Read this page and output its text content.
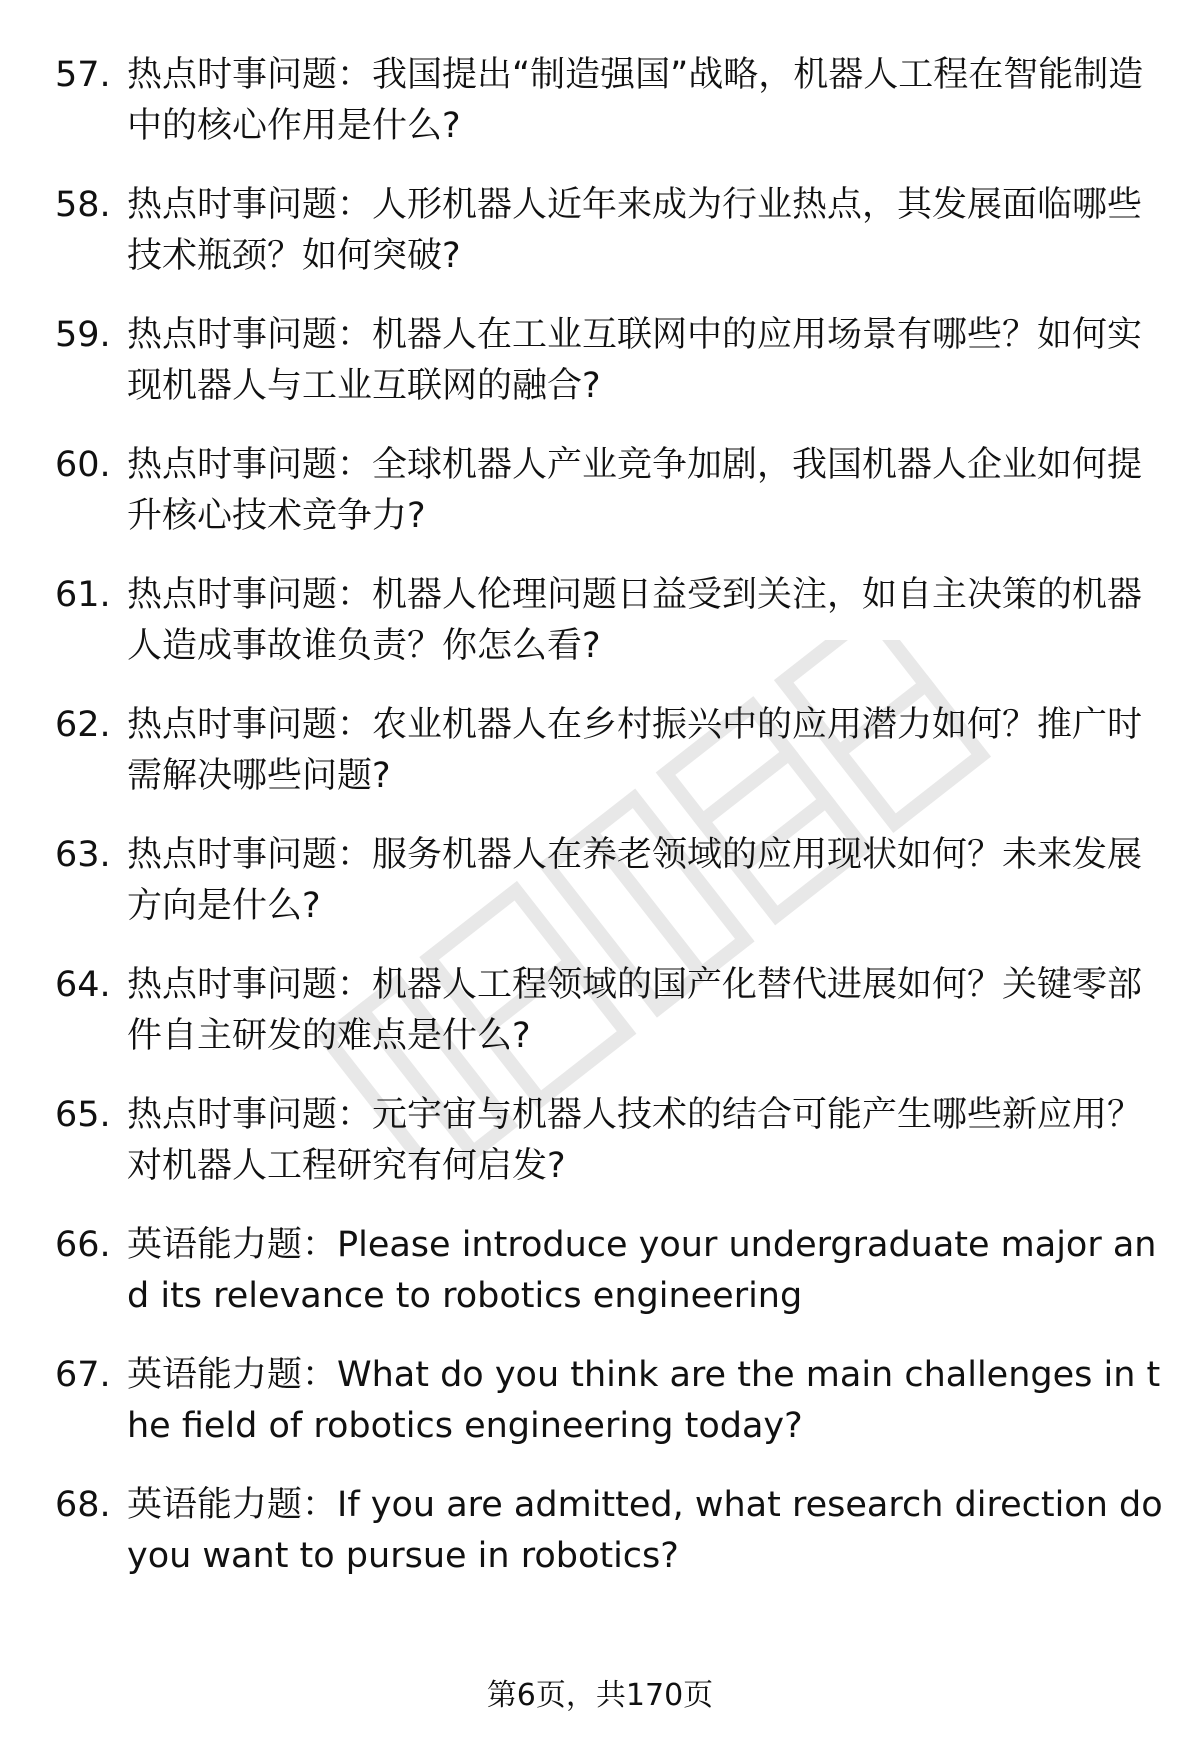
57. 热点时事问题：我国提出“制造强国”战略，机器人工程在智能制造中的核心作用是什么?
58. 热点时事问题：人形机器人近年来成为行业热点，其发展面临哪些技术瓶颈？如何突破?
59. 热点时事问题：机器人在工业互联网中的应用场景有哪些？如何实现机器人与工业互联网的融合?
60. 热点时事问题：全球机器人产业竞争加剧，我国机器人企业如何提升核心技术竞争力?
61. 热点时事问题：机器人伦理问题日益受到关注，如自主决策的机器人造成事故谁负责？你怎么看?
62. 热点时事问题：农业机器人在乡村振兴中的应用潜力如何？推广时需解决哪些问题?
63. 热点时事问题：服务机器人在养老领域的应用现状如何？未来发展方向是什么?
64. 热点时事问题：机器人工程领域的国产化替代进展如何？关键零部件自主研发的难点是什么?
65. 热点时事问题：元宇宙与机器人技术的结合可能产生哪些新应用？对机器人工程研究有何启发?
66. 英语能力题：Please introduce your undergraduate major and its relevance to robotics engineering
67. 英语能力题：What do you think are the main challenges in the field of robotics engineering today?
68. 英语能力题：If you are admitted, what research direction do you want to pursue in robotics?
第6页，共170页
